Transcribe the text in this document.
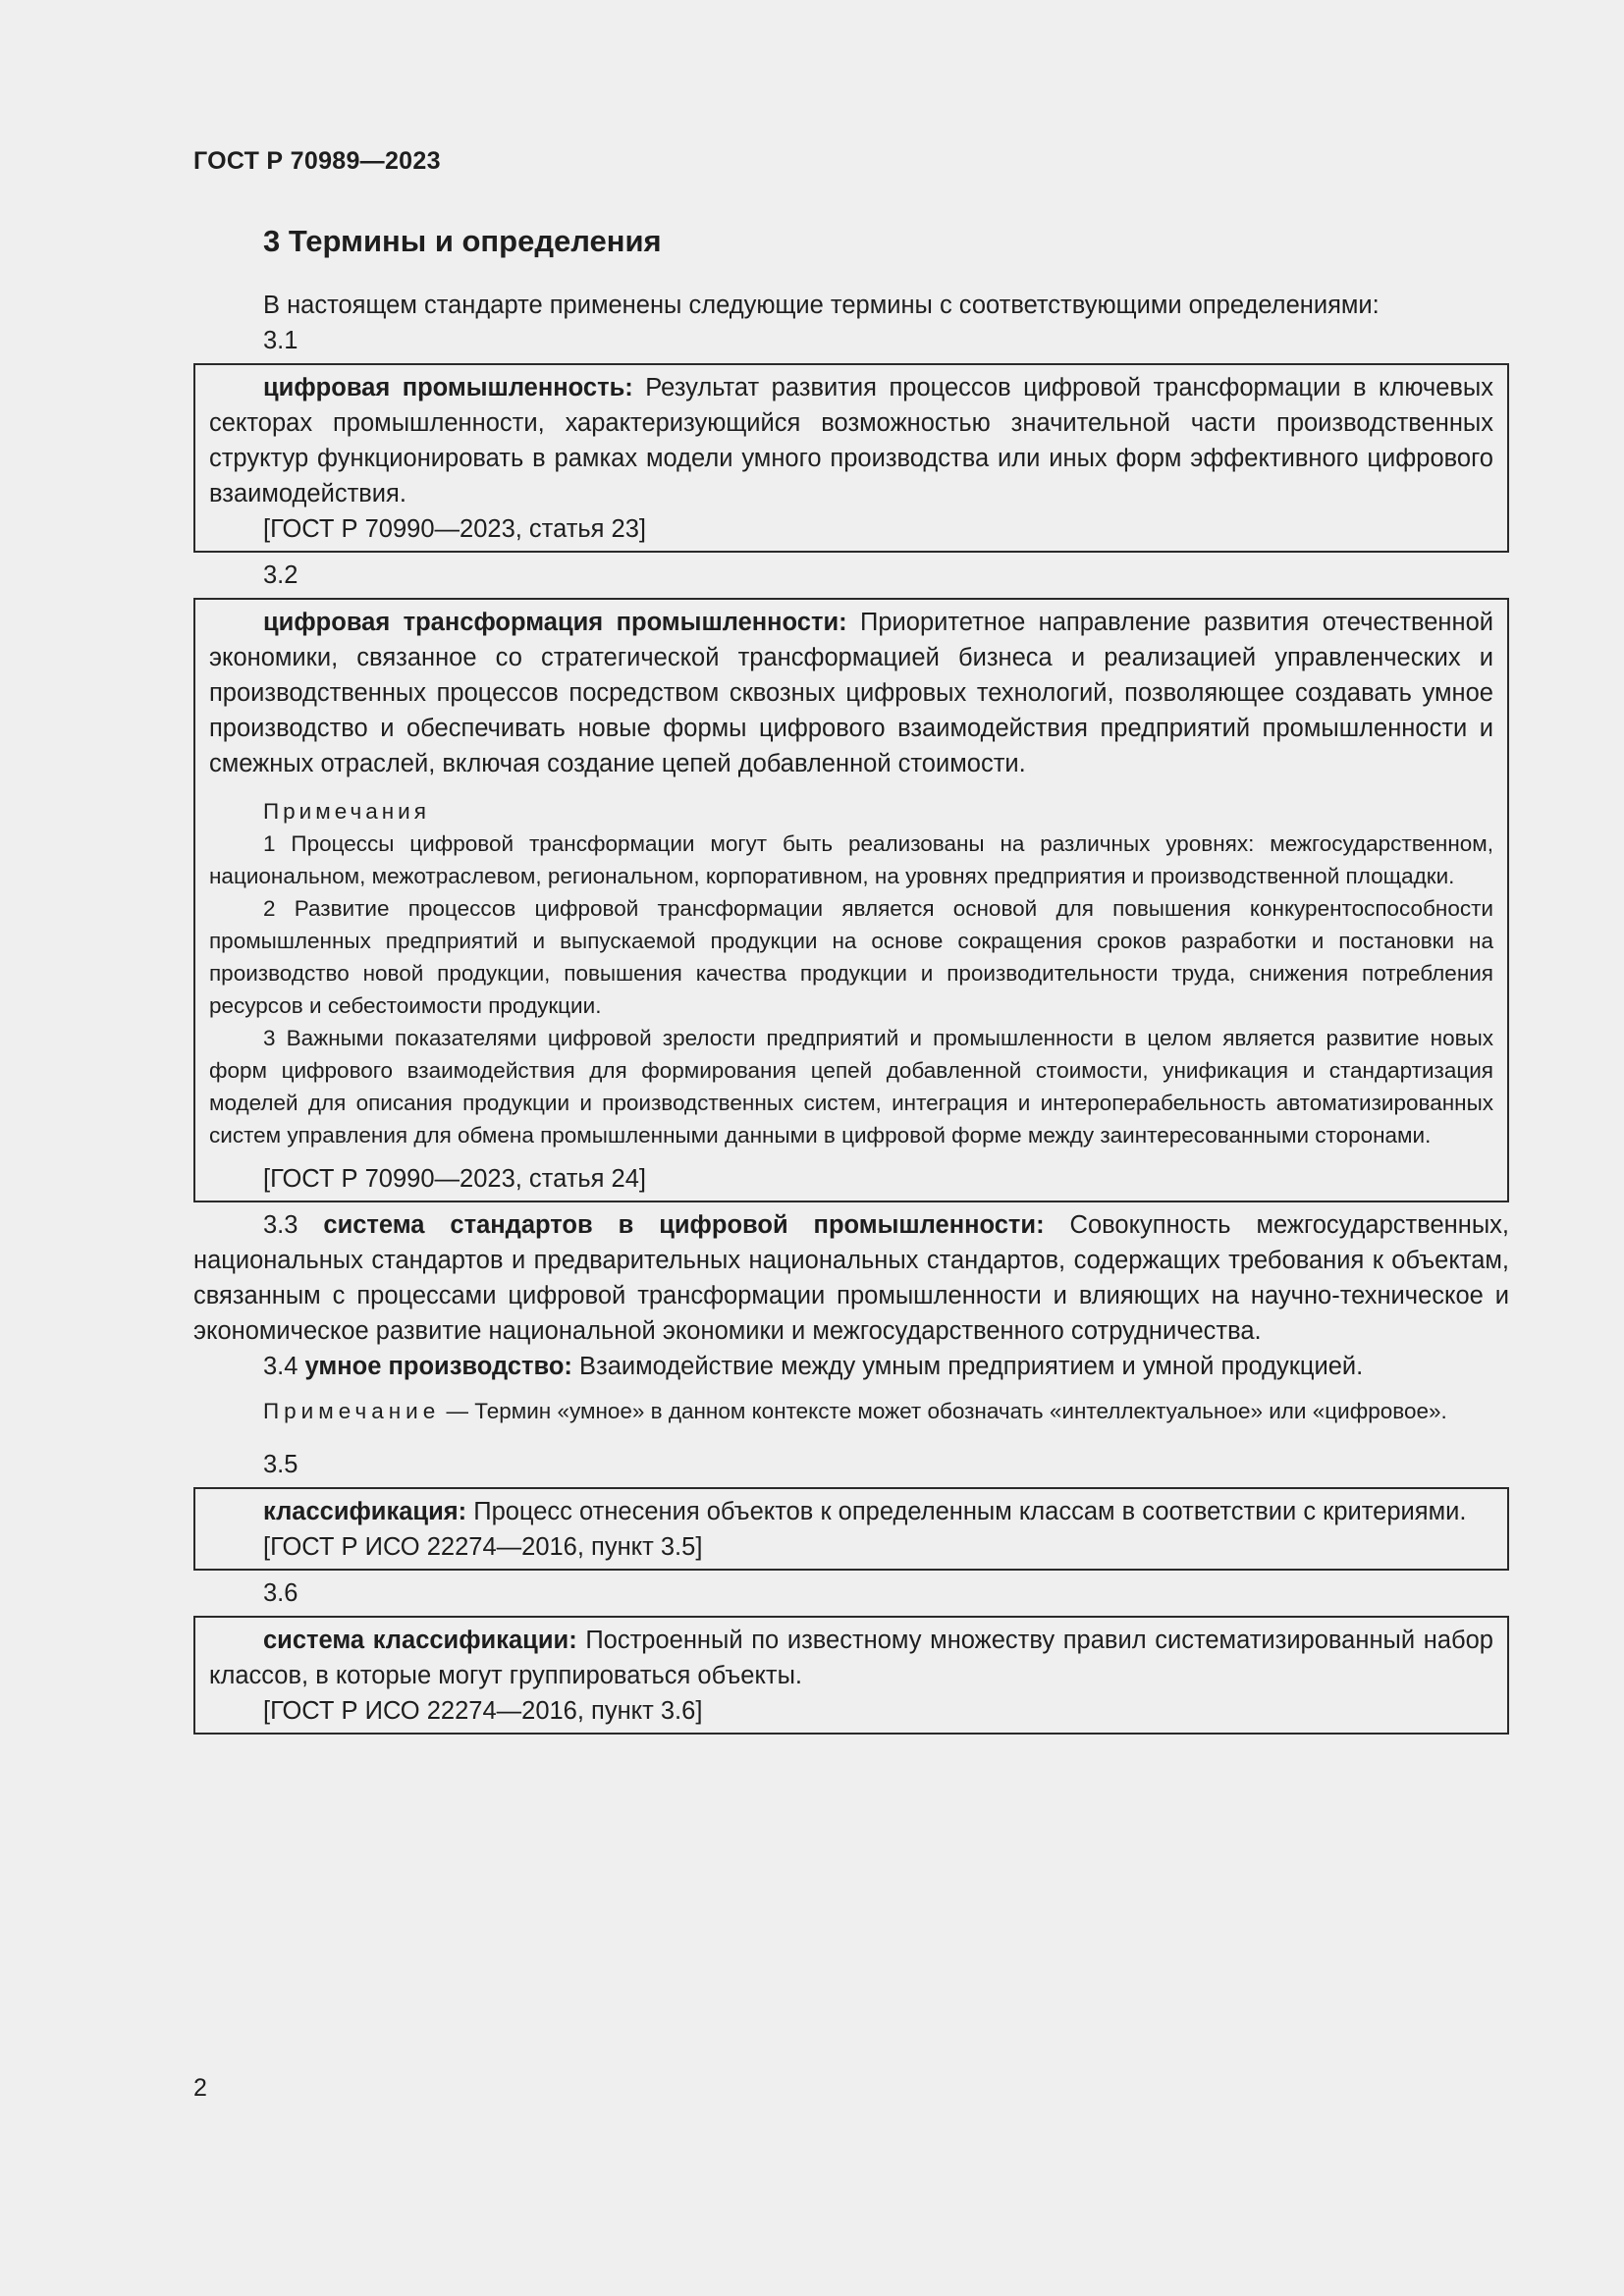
ГОСТ Р 70989—2023
3 Термины и определения

В настоящем стандарте применены следующие термины с соответствующими определениями:

3.1

цифровая промышленность: Результат развития процессов цифровой трансформации в ключевых секторах промышленности, характеризующийся возможностью значительной части производственных структур функционировать в рамках модели умного производства или иных форм эффективного цифрового взаимодействия.

[ГОСТ Р 70990—2023, статья 23]

3.2

цифровая трансформация промышленности: Приоритетное направление развития отечественной экономики, связанное со стратегической трансформацией бизнеса и реализацией управленческих и производственных процессов посредством сквозных цифровых технологий, позволяющее создавать умное производство и обеспечивать новые формы цифрового взаимодействия предприятий промышленности и смежных отраслей, включая создание цепей добавленной стоимости.

Примечания

1 Процессы цифровой трансформации могут быть реализованы на различных уровнях: межгосударственном, национальном, межотраслевом, региональном, корпоративном, на уровнях предприятия и производственной площадки.

2 Развитие процессов цифровой трансформации является основой для повышения конкурентоспособности промышленных предприятий и выпускаемой продукции на основе сокращения сроков разработки и постановки на производство новой продукции, повышения качества продукции и производительности труда, снижения потребления ресурсов и себестоимости продукции.

3 Важными показателями цифровой зрелости предприятий и промышленности в целом является развитие новых форм цифрового взаимодействия для формирования цепей добавленной стоимости, унификация и стандартизация моделей для описания продукции и производственных систем, интеграция и интероперабельность автоматизированных систем управления для обмена промышленными данными в цифровой форме между заинтересованными сторонами.

[ГОСТ Р 70990—2023, статья 24]

3.3 система стандартов в цифровой промышленности: Совокупность межгосударственных, национальных стандартов и предварительных национальных стандартов, содержащих требования к объектам, связанным с процессами цифровой трансформации промышленности и влияющих на научно-техническое и экономическое развитие национальной экономики и межгосударственного сотрудничества.

3.4 умное производство: Взаимодействие между умным предприятием и умной продукцией.

Примечание — Термин «умное» в данном контексте может обозначать «интеллектуальное» или «цифровое».

3.5

классификация: Процесс отнесения объектов к определенным классам в соответствии с критериями.

[ГОСТ Р ИСО 22274—2016, пункт 3.5]

3.6

система классификации: Построенный по известному множеству правил систематизированный набор классов, в которые могут группироваться объекты.

[ГОСТ Р ИСО 22274—2016, пункт 3.6]

2
